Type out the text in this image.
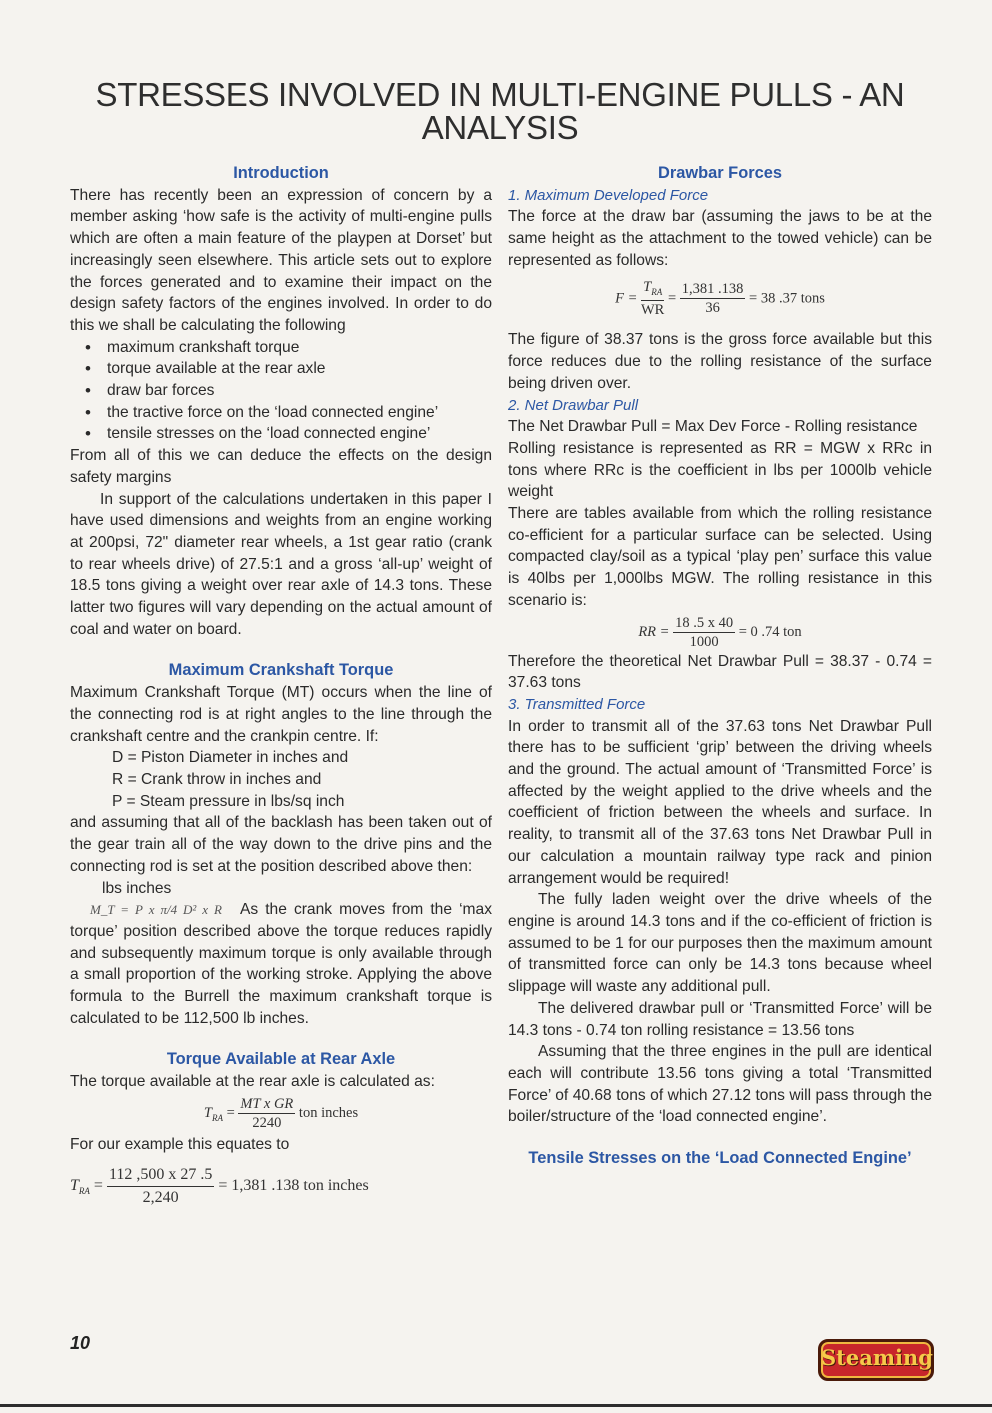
STRESSES INVOLVED IN MULTI-ENGINE PULLS - AN ANALYSIS
Introduction

There has recently been an expression of concern by a member asking ‘how safe is the activity of multi-engine pulls which are often a main feature of the playpen at Dorset’ but increasingly seen elsewhere. This article sets out to explore the forces generated and to examine their impact on the design safety factors of the engines involved. In order to do this we shall be calculating the following

• maximum crankshaft torque
• torque available at the rear axle
• draw bar forces
• the tractive force on the ‘load connected engine’
• tensile stresses on the ‘load connected engine’

From all of this we can deduce the effects on the design safety margins

In support of the calculations undertaken in this paper I have used dimensions and weights from an engine working at 200psi, 72" diameter rear wheels, a 1st gear ratio (crank to rear wheels drive) of 27.5:1 and a gross ‘all-up’ weight of 18.5 tons giving a weight over rear axle of 14.3 tons. These latter two figures will vary depending on the actual amount of coal and water on board.

Maximum Crankshaft Torque

Maximum Crankshaft Torque (MT) occurs when the line of the connecting rod is at right angles to the line through the crankshaft centre and the crankpin centre. If:

D = Piston Diameter in inches and
R = Crank throw in inches and
P = Steam pressure in lbs/sq inch

and assuming that all of the backlash has been taken out of the gear train all of the way down to the drive pins and the connecting rod is set at the position described above then:

lbs inches

M_T = P x π/4 D² x R As the crank moves from the ‘max torque’ position described above the torque reduces rapidly and subsequently maximum torque is only available through a small proportion of the working stroke. Applying the above formula to the Burrell the maximum crankshaft torque is calculated to be 112,500 lb inches.

Torque Available at Rear Axle

The torque available at the rear axle is calculated as:

$T_{RA} = \frac{\text{MT x GR}}{2240}$ ton inches

For our example this equates to

$T_{RA} = \frac{112 ,500 x 27 .5}{2,240} = 1,381$ .138 ton inches
Drawbar Forces

1. Maximum Developed Force

The force at the draw bar (assuming the jaws to be at the same height as the attachment to the towed vehicle) can be represented as follows:

$F = \frac{T_{RA}}{WR} = \frac{1,381 .138}{36} = 38$ .37 tons

The figure of 38.37 tons is the gross force available but this force reduces due to the rolling resistance of the surface being driven over.

2. Net Drawbar Pull

The Net Drawbar Pull = Max Dev Force - Rolling resistance

Rolling resistance is represented as RR = MGW x RRc in tons where RRc is the coefficient in lbs per 1000lb vehicle weight

There are tables available from which the rolling resistance co-efficient for a particular surface can be selected. Using compacted clay/soil as a typical ‘play pen’ surface this value is 40lbs per 1,000lbs MGW. The rolling resistance in this scenario is:

RR = $\frac{18 .5 x 40}{1000} = 0$ .74 ton

Therefore the theoretical Net Drawbar Pull = 38.37 - 0.74 = 37.63 tons

3. Transmitted Force

In order to transmit all of the 37.63 tons Net Drawbar Pull there has to be sufficient ‘grip’ between the driving wheels and the ground. The actual amount of ‘Transmitted Force’ is affected by the weight applied to the drive wheels and the coefficient of friction between the wheels and surface. In reality, to transmit all of the 37.63 tons Net Drawbar Pull in our calculation a mountain railway type rack and pinion arrangement would be required!

The fully laden weight over the drive wheels of the engine is around 14.3 tons and if the co-efficient of friction is assumed to be 1 for our purposes then the maximum amount of transmitted force can only be 14.3 tons because wheel slippage will waste any additional pull.

The delivered drawbar pull or ‘Transmitted Force’ will be 14.3 tons - 0.74 ton rolling resistance = 13.56 tons

Assuming that the three engines in the pull are identical each will contribute 13.56 tons giving a total ‘Transmitted Force’ of 40.68 tons of which 27.12 tons will pass through the boiler/structure of the ‘load connected engine’.

Tensile Stresses on the ‘Load Connected Engine’
10
Steaming
